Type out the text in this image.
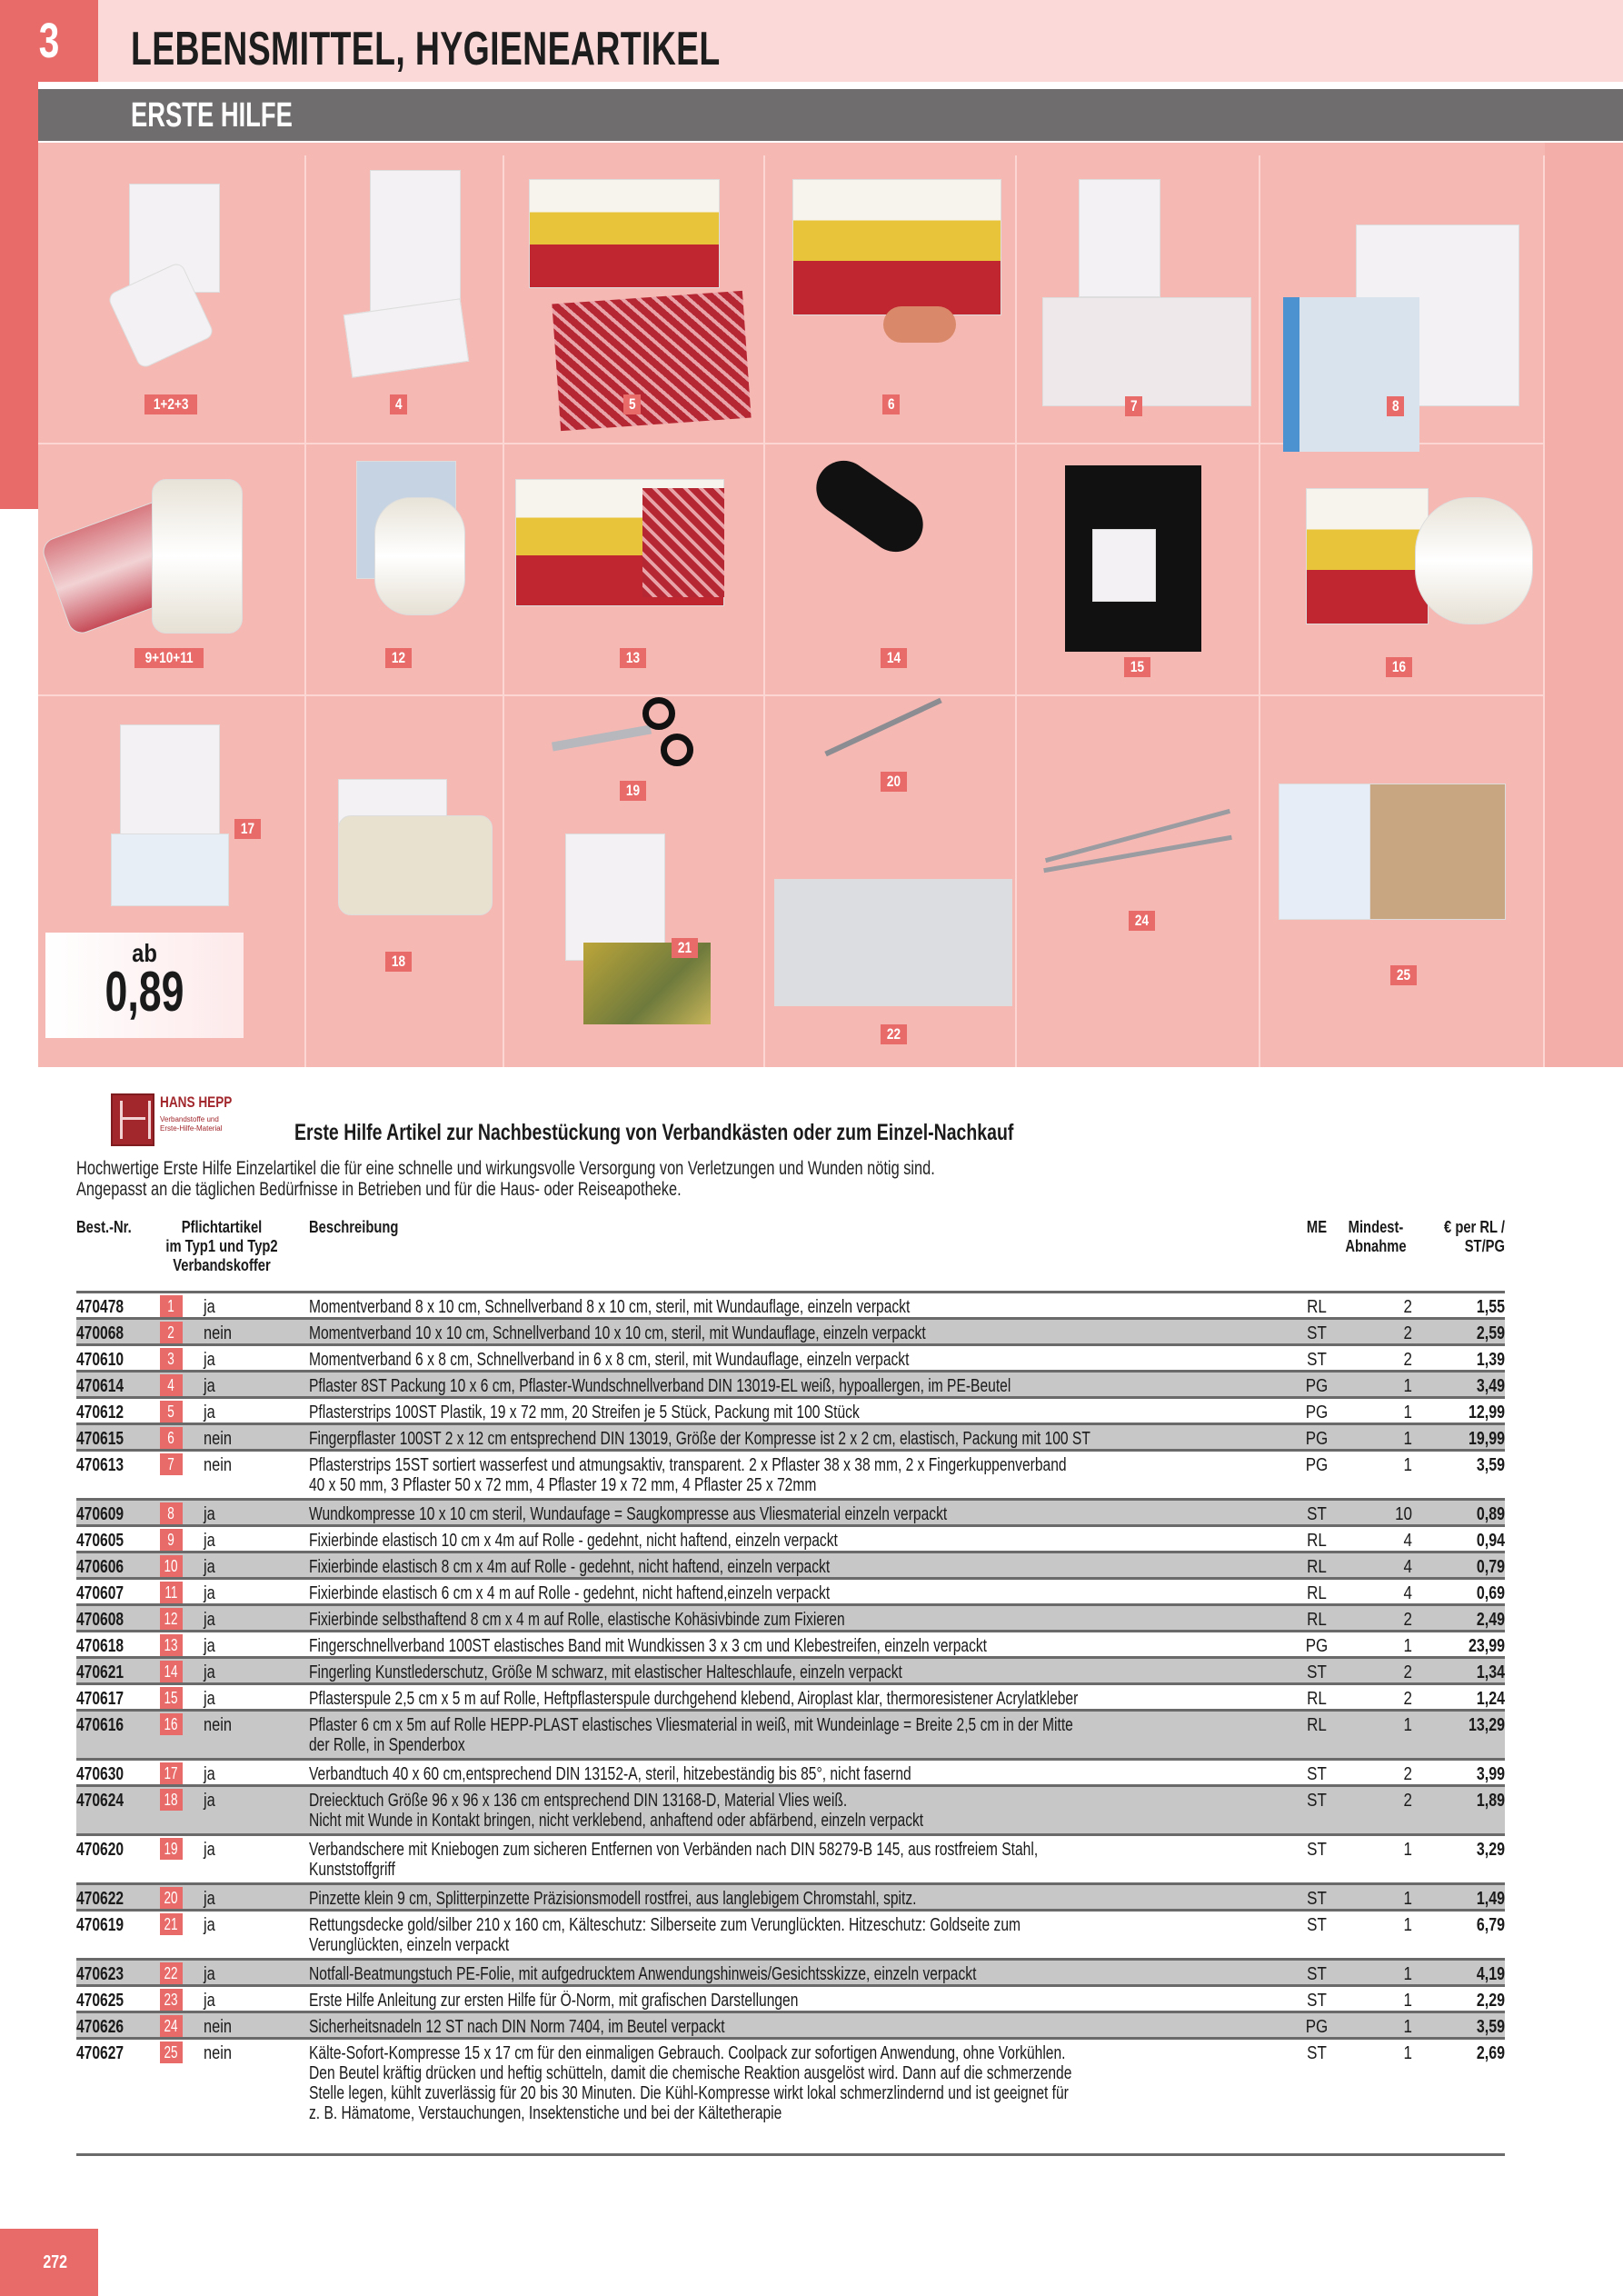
3 LEBENSMITTEL, HYGIENEARTIKEL
ERSTE HILFE
1+2+3	4	5	6	7	8
9+10+11	12	13	14
15	16
17
18
19
20
21
22
24
25
ab
0,89
HANS HEPP
Verbandstoffe und Erste-Hilfe-Material	Erste Hilfe Artikel zur Nachbestückung von Verbandkästen oder zum Einzel-Nachkauf
Hochwertige Erste Hilfe Einzelartikel die für eine schnelle und wirkungsvolle Versorgung von Verletzungen und Wunden nötig sind.
Angepasst an die täglichen Bedürfnisse in Betrieben und für die Haus- oder Reiseapotheke.
Best.-Nr.	Pflichtartikel
im Typ1 und Typ2
Verbandskoffer
Beschreibung	ME	Mindest-
Abnahme
€ per RL /
ST/PG
470478	1	ja	Momentverband 8 x 10 cm, Schnellverband 8 x 10 cm, steril, mit Wundauflage, einzeln verpackt	RL	2	1,55
470068	2	nein	Momentverband 10 x 10 cm, Schnellverband 10 x 10 cm, steril, mit Wundauflage, einzeln verpackt	ST	2	2,59
470610	3	ja	Momentverband 6 x 8 cm, Schnellverband in 6 x 8 cm, steril, mit Wundauflage, einzeln verpackt	ST	2	1,39
470614	4	ja	Pflaster 8ST Packung 10 x 6 cm, Pflaster-Wundschnellverband DIN 13019-EL weiß, hypoallergen, im PE-Beutel	PG	1	3,49
470612	5	ja	Pflasterstrips 100ST Plastik, 19 x 72 mm, 20 Streifen je 5 Stück, Packung mit 100 Stück	PG	1	12,99
470615	6	nein	Fingerpflaster 100ST 2 x 12 cm entsprechend DIN 13019, Größe der Kompresse ist 2 x 2 cm, elastisch, Packung mit 100 ST	PG	1	19,99
470613	7	nein	Pflasterstrips 15ST sortiert wasserfest und atmungsaktiv, transparent. 2 x Pflaster 38 x 38 mm, 2 x Fingerkuppenverband
40 x 50 mm, 3 Pflaster 50 x 72 mm, 4 Pflaster 19 x 72 mm, 4 Pflaster 25 x 72mm
PG	1	3,59
470609	8	ja	Wundkompresse 10 x 10 cm steril, Wundaufage = Saugkompresse aus Vliesmaterial einzeln verpackt	ST	10	0,89
470605	9	ja	Fixierbinde elastisch 10 cm x 4m auf Rolle - gedehnt, nicht haftend, einzeln verpackt	RL	4	0,94
470606 10 ja	Fixierbinde elastisch 8 cm x 4m auf Rolle - gedehnt, nicht haftend, einzeln verpackt	RL	4	0,79
470607	11 ja	Fixierbinde elastisch 6 cm x 4 m auf Rolle - gedehnt, nicht haftend,einzeln verpackt	RL	4	0,69
470608 12 ja	Fixierbinde selbsthaftend 8 cm x 4 m auf Rolle, elastische Kohäsivbinde zum Fixieren	RL	2	2,49
470618 13 ja	Fingerschnellverband 100ST elastisches Band mit Wundkissen 3 x 3 cm und Klebestreifen, einzeln verpackt	PG	1	23,99
470621 14 ja	Fingerling Kunstlederschutz, Größe M schwarz, mit elastischer Halteschlaufe, einzeln verpackt	ST	2	1,34
470617 15 ja	Pflasterspule 2,5 cm x 5 m auf Rolle, Heftpflasterspule durchgehend klebend, Airoplast klar, thermoresistener Acrylatkleber	RL	2	1,24
470616 16 nein	Pflaster 6 cm x 5m auf Rolle HEPP-PLAST elastisches Vliesmaterial in weiß, mit Wundeinlage = Breite 2,5 cm in der Mitte
der Rolle, in Spenderbox
RL	1	13,29
470630 17 ja	Verbandtuch 40 x 60 cm,entsprechend DIN 13152-A, steril, hitzebeständig bis 85°, nicht fasernd	ST	2	3,99
470624 18 ja	Dreiecktuch Größe 96 x 96 x 136 cm entsprechend DIN 13168-D, Material Vlies weiß.
Nicht mit Wunde in Kontakt bringen, nicht verklebend, anhaftend oder abfärbend, einzeln verpackt
ST	2	1,89
470620 19 ja	Verbandschere mit Kniebogen zum sicheren Entfernen von Verbänden nach DIN 58279-B 145, aus rostfreiem Stahl,
Kunststoffgriff
ST	1	3,29
470622 20 ja	Pinzette klein 9 cm, Splitterpinzette Präzisionsmodell rostfrei, aus langlebigem Chromstahl, spitz.	ST	1	1,49
470619 21 ja	Rettungsdecke gold/silber 210 x 160 cm, Kälteschutz: Silberseite zum Verunglückten. Hitzeschutz: Goldseite zum
Verunglückten, einzeln verpackt
ST	1	6,79
470623 22 ja	Notfall-Beatmungstuch PE-Folie, mit aufgedrucktem Anwendungshinweis/Gesichtsskizze, einzeln verpackt	ST	1	4,19
470625 23 ja	Erste Hilfe Anleitung zur ersten Hilfe für Ö-Norm, mit grafischen Darstellungen	ST	1	2,29
470626 24 nein	Sicherheitsnadeln 12 ST nach DIN Norm 7404, im Beutel verpackt	PG	1	3,59
470627 25 nein	Kälte-Sofort-Kompresse 15 x 17 cm für den einmaligen Gebrauch. Coolpack zur sofortigen Anwendung, ohne Vorkühlen.
Den Beutel kräftig drücken und heftig schütteln, damit die chemische Reaktion ausgelöst wird. Dann auf die schmerzende
Stelle legen, kühlt zuverlässig für 20 bis 30 Minuten. Die Kühl-Kompresse wirkt lokal schmerzlindernd und ist geeignet für
z. B. Hämatome, Verstauchungen, Insektenstiche und bei der Kältetherapie
ST	1	2,69
272
